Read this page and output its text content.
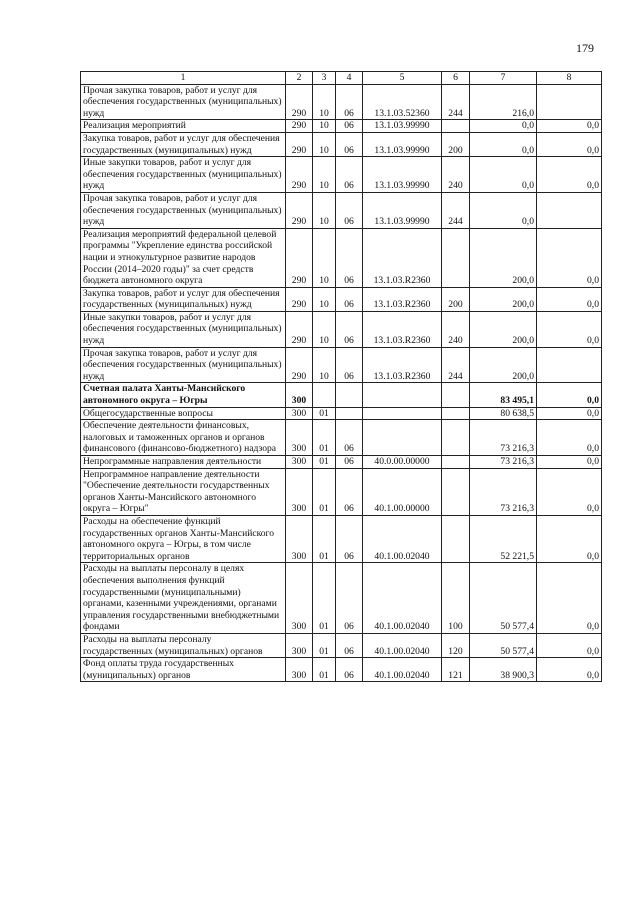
179
1	2	3	4	5	6	7	8
Прочая закупка товаров, работ и услуг для обеспечения государственных (муниципальных) нужд	290	10	06	13.1.03.52360	244	216,0	
Реализация мероприятий	290	10	06	13.1.03.99990		0,0	0,0
Закупка товаров, работ и услуг для обеспечения государственных (муниципальных) нужд	290	10	06	13.1.03.99990	200	0,0	0,0
Иные закупки товаров, работ и услуг для обеспечения государственных (муниципальных) нужд	290	10	06	13.1.03.99990	240	0,0	0,0
Прочая закупка товаров, работ и услуг для обеспечения государственных (муниципальных) нужд	290	10	06	13.1.03.99990	244	0,0	
Реализация мероприятий федеральной целевой программы "Укрепление единства российской нации и этнокультурное развитие народов России (2014–2020 годы)" за счет средств бюджета автономного округа	290	10	06	13.1.03.R2360		200,0	0,0
Закупка товаров, работ и услуг для обеспечения государственных (муниципальных) нужд	290	10	06	13.1.03.R2360	200	200,0	0,0
Иные закупки товаров, работ и услуг для обеспечения государственных (муниципальных) нужд	290	10	06	13.1.03.R2360	240	200,0	0,0
Прочая закупка товаров, работ и услуг для обеспечения государственных (муниципальных) нужд	290	10	06	13.1.03.R2360	244	200,0	
Счетная палата Ханты-Мансийского автономного округа – Югры	300					83 495,1	0,0
Общегосударственные вопросы	300	01				80 638,5	0,0
Обеспечение деятельности финансовых, налоговых и таможенных органов и органов финансового (финансово-бюджетного) надзора	300	01	06			73 216,3	0,0
Непрограммные направления деятельности	300	01	06	40.0.00.00000		73 216,3	0,0
Непрограммное направление деятельности "Обеспечение деятельности государственных органов Ханты-Мансийского автономного округа – Югры"	300	01	06	40.1.00.00000		73 216,3	0,0
Расходы на обеспечение функций государственных органов Ханты-Мансийского автономного округа – Югры, в том числе территориальных органов	300	01	06	40.1.00.02040		52 221,5	0,0
Расходы на выплаты персоналу в целях обеспечения выполнения функций государственными (муниципальными) органами, казенными учреждениями, органами управления государственными внебюджетными фондами	300	01	06	40.1.00.02040	100	50 577,4	0,0
Расходы на выплаты персоналу государственных (муниципальных) органов	300	01	06	40.1.00.02040	120	50 577,4	0,0
Фонд оплаты труда государственных (муниципальных) органов	300	01	06	40.1.00.02040	121	38 900,3	0,0
